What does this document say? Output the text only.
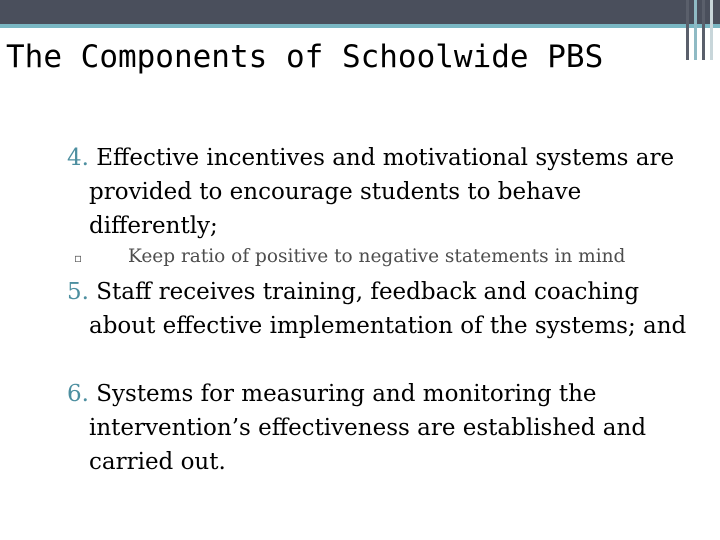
The Components of Schoolwide PBS

4. Effective incentives and motivational systems are provided to encourage students to behave differently;

▫ Keep ratio of positive to negative statements in mind

5. Staff receives training, feedback and coaching about effective implementation of the systems; and

6. Systems for measuring and monitoring the intervention’s effectiveness are established and carried out.
